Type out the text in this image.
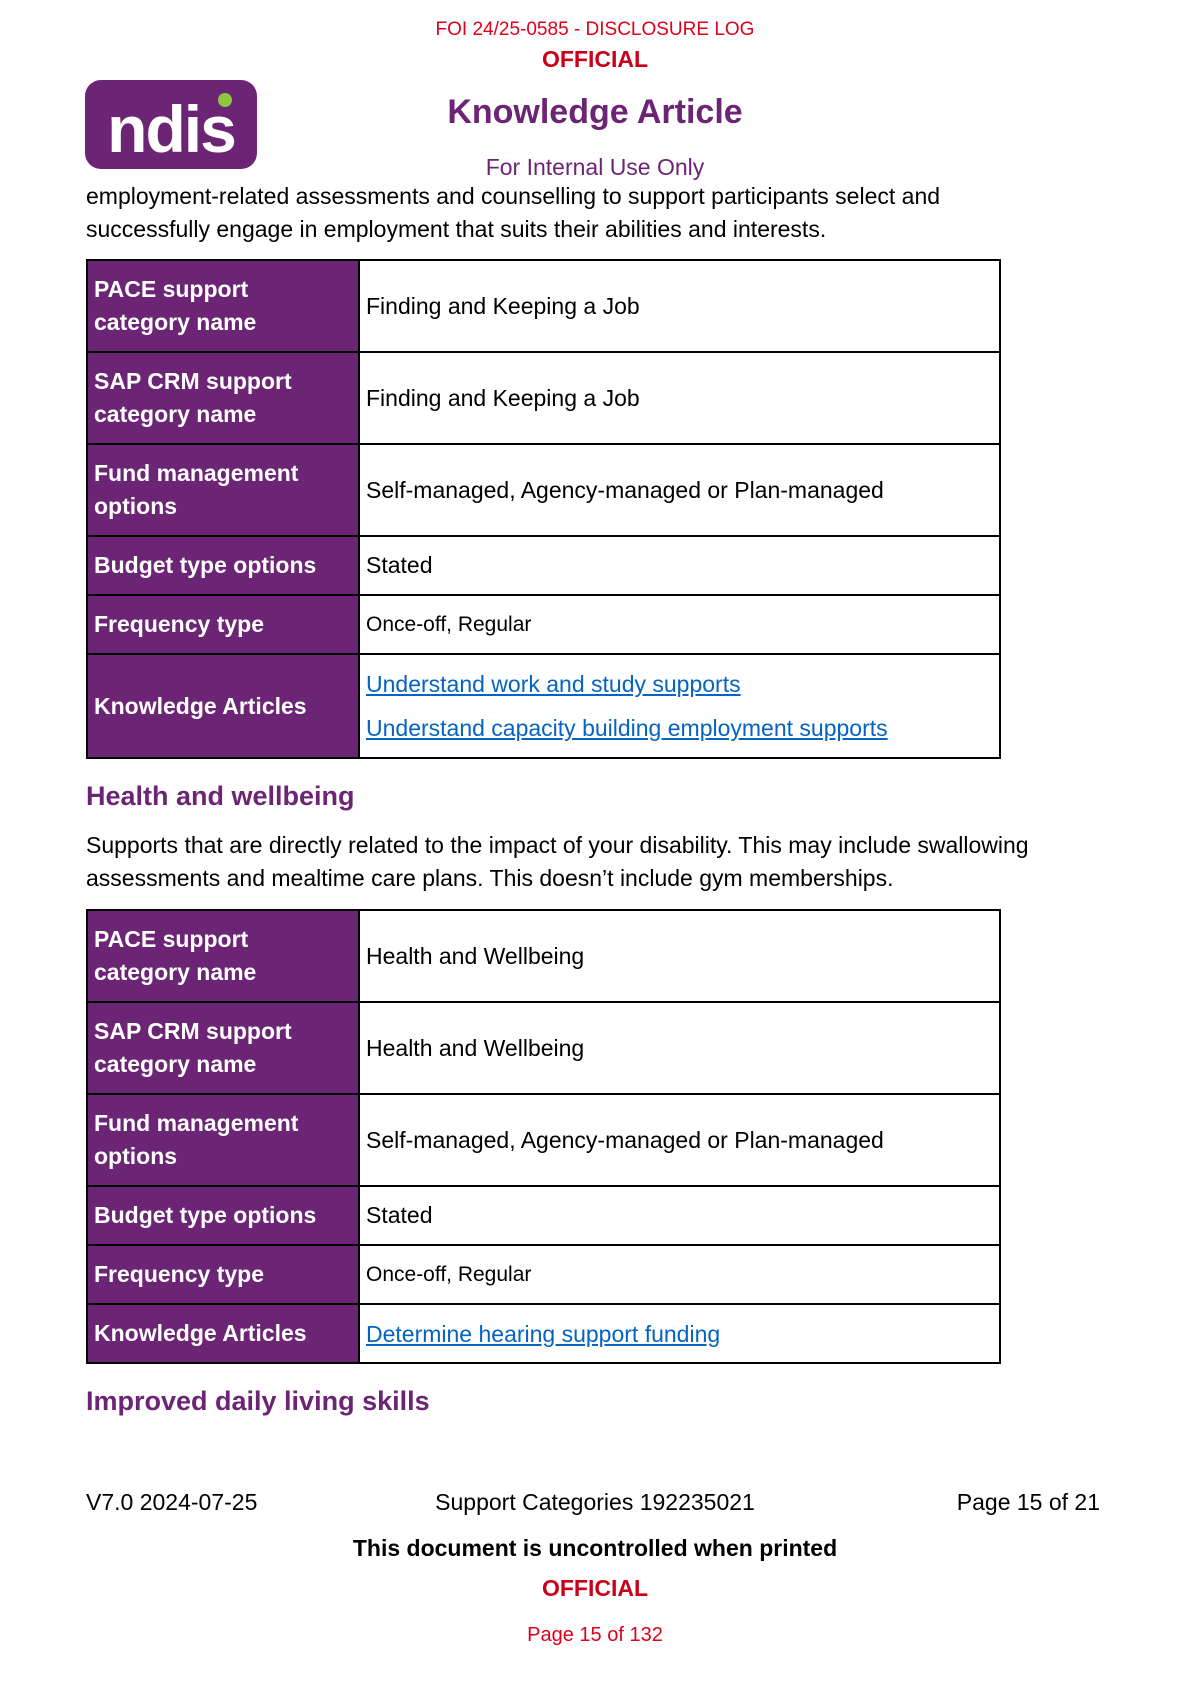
FOI 24/25-0585 - DISCLOSURE LOG
OFFICIAL
ndis	Knowledge Article
For Internal Use Only

employment-related assessments and counselling to support participants select and
successfully engage in employment that suits their abilities and interests.

PACE support
category name	Finding and Keeping a Job
SAP CRM support
category name	Finding and Keeping a Job
Fund management
options	Self-managed, Agency-managed or Plan-managed
Budget type options	Stated
Frequency type	Once-off, Regular
Knowledge Articles	Understand work and study supports
Understand capacity building employment supports
Health and wellbeing

Supports that are directly related to the impact of your disability. This may include swallowing
assessments and mealtime care plans. This doesn’t include gym memberships.

PACE support
category name	Health and Wellbeing
SAP CRM support
category name	Health and Wellbeing
Fund management
options	Self-managed, Agency-managed or Plan-managed
Budget type options	Stated
Frequency type	Once-off, Regular
Knowledge Articles	Determine hearing support funding
Improved daily living skills
V7.0 2024-07-25	Support Categories 192235021	Page 15 of 21
This document is uncontrolled when printed
OFFICIAL
Page 15 of 132
